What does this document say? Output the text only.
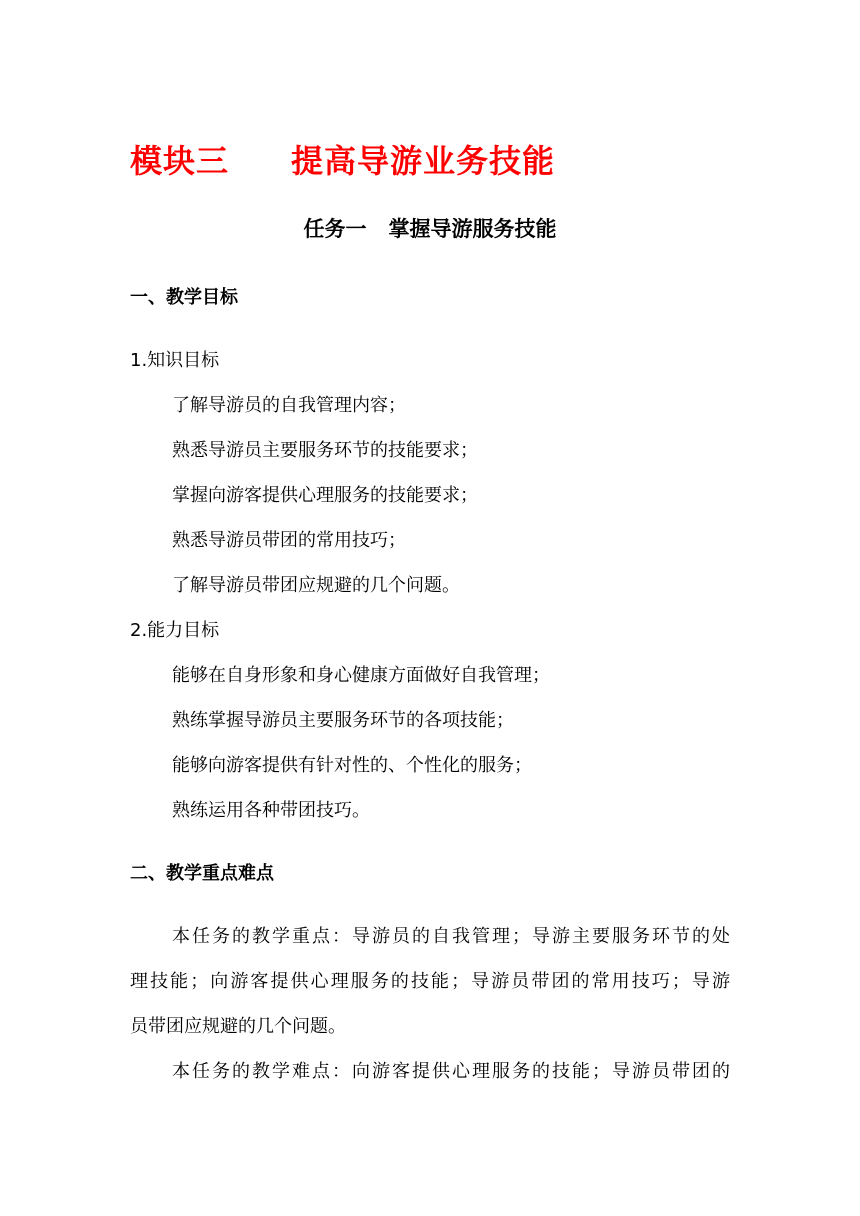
模块三 提高导游业务技能
任务一 掌握导游服务技能
一、教学目标
1.知识目标
了解导游员的自我管理内容；
熟悉导游员主要服务环节的技能要求；
掌握向游客提供心理服务的技能要求；
熟悉导游员带团的常用技巧；
了解导游员带团应规避的几个问题。
2.能力目标
能够在自身形象和身心健康方面做好自我管理；
熟练掌握导游员主要服务环节的各项技能；
能够向游客提供有针对性的、个性化的服务；
熟练运用各种带团技巧。
二、教学重点难点
本任务的教学重点：导游员的自我管理；导游主要服务环节的处
理技能；向游客提供心理服务的技能；导游员带团的常用技巧；导游
员带团应规避的几个问题。
本任务的教学难点：向游客提供心理服务的技能；导游员带团的
